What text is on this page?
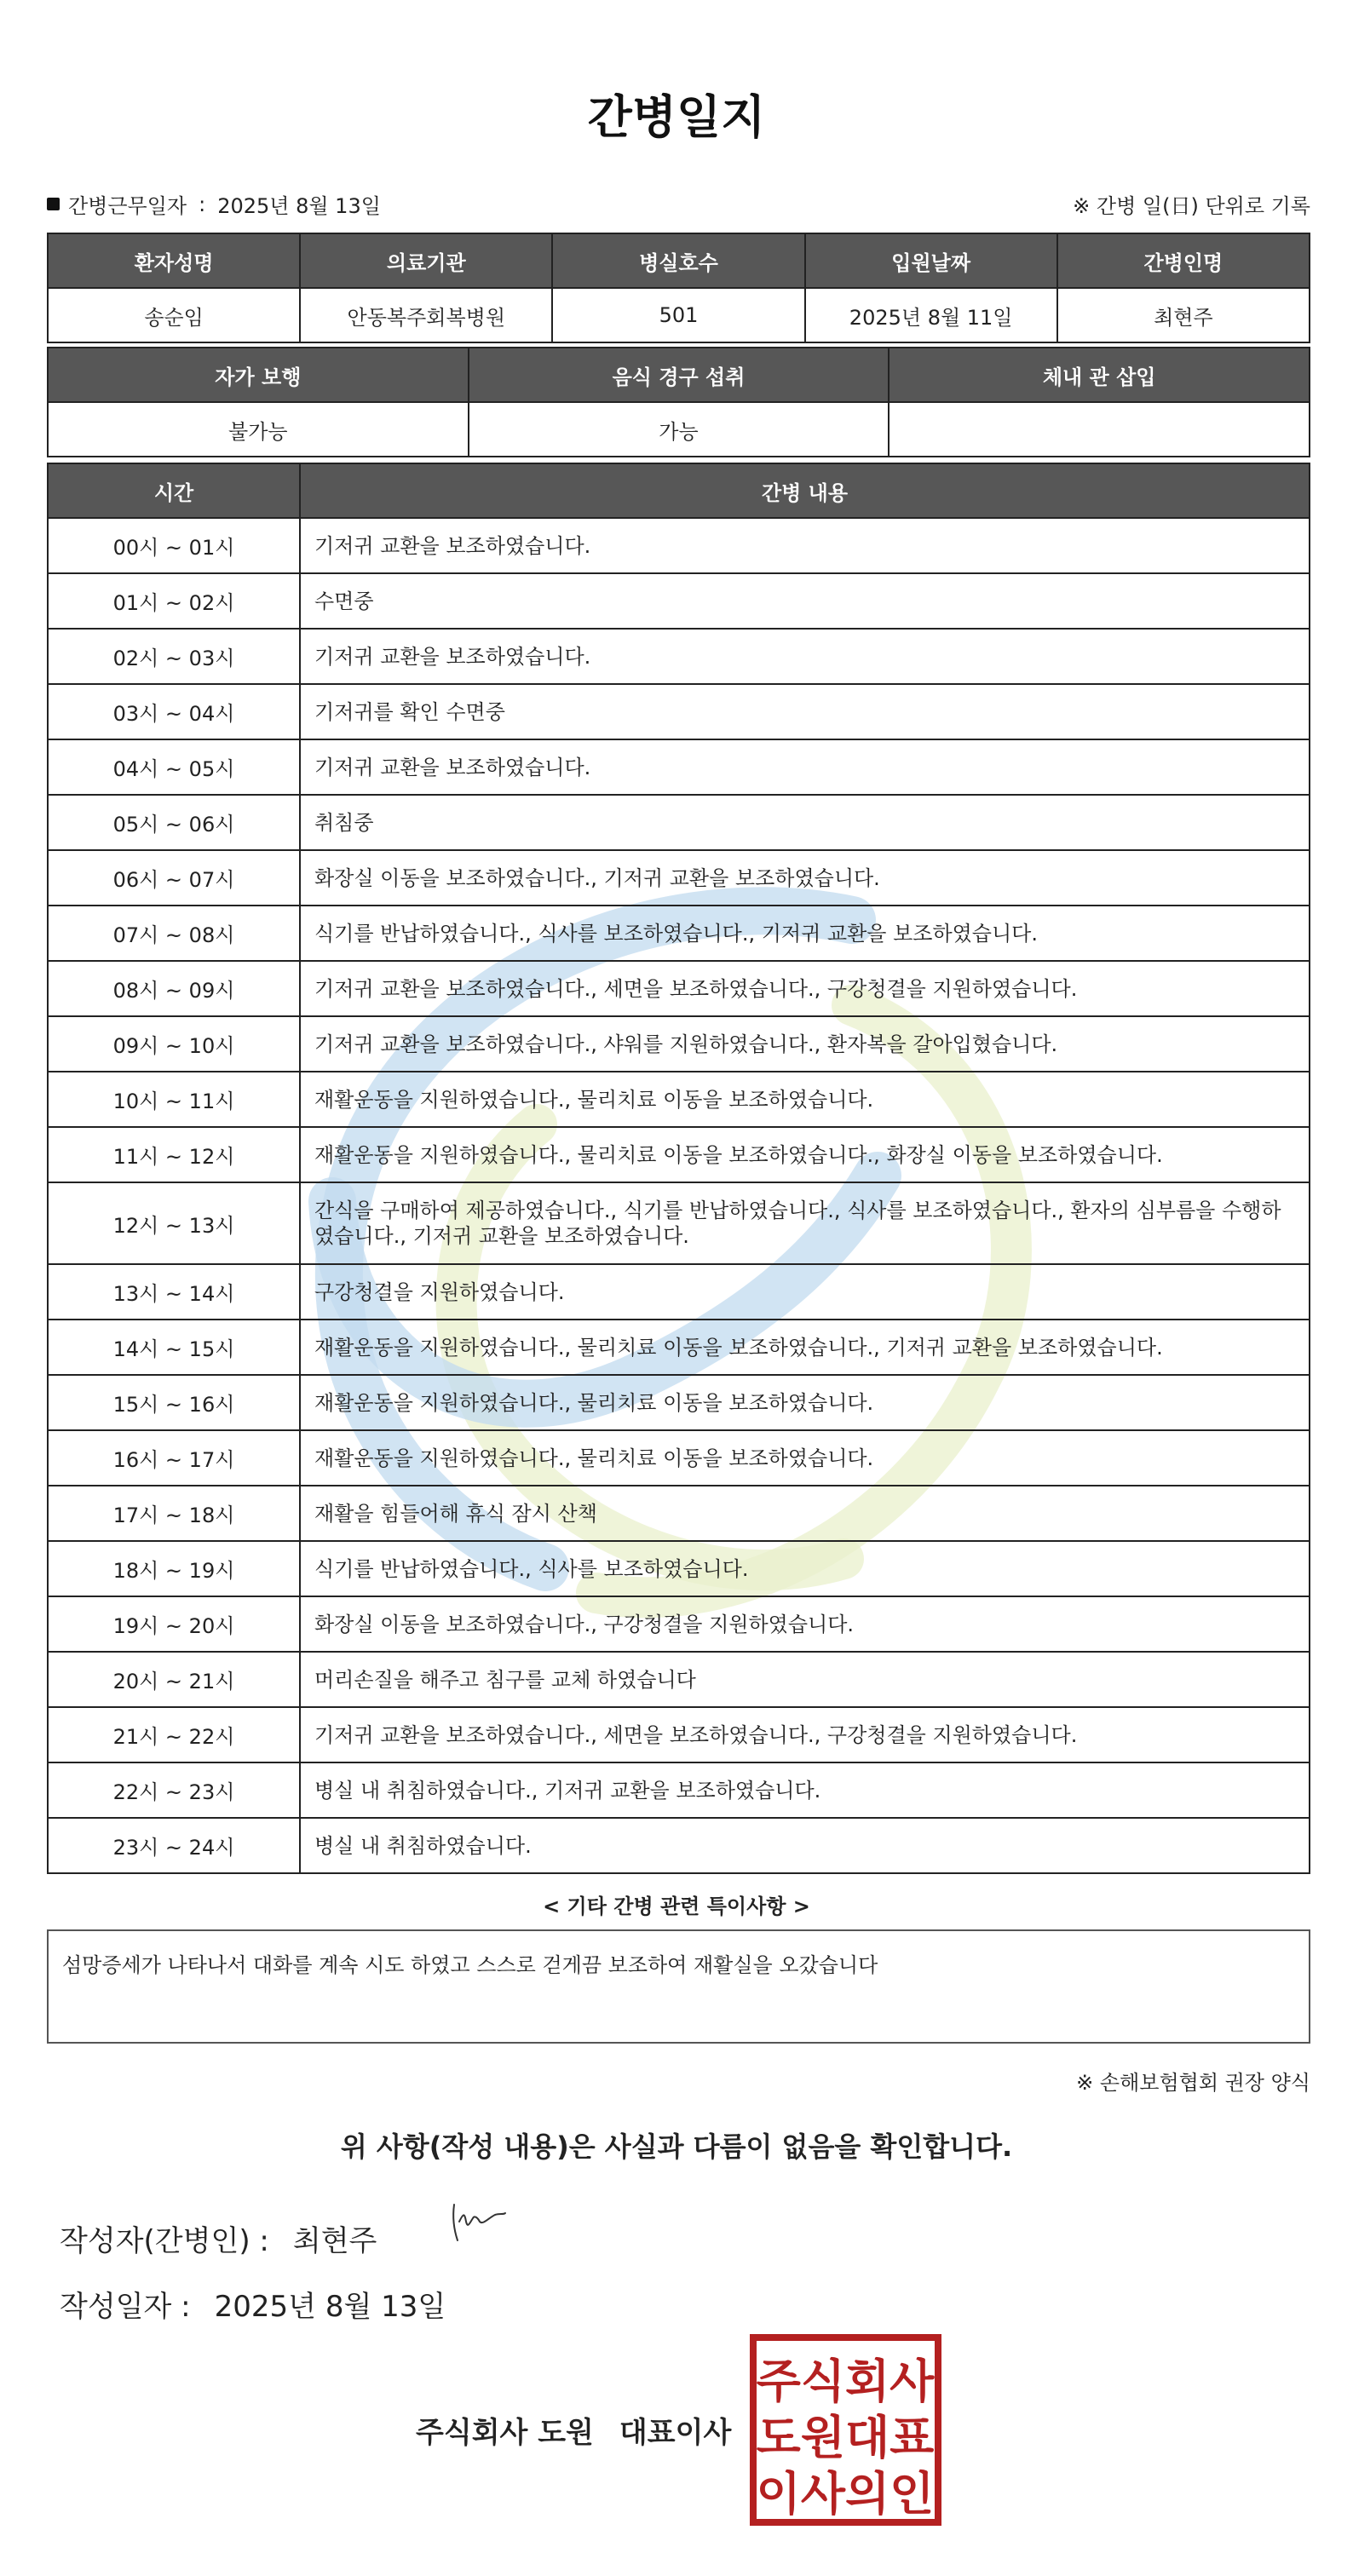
간병일지
간병근무일자 : 2025년 8월 13일	※ 간병 일(日) 단위로 기록
환자성명	의료기관	병실호수	입원날짜	간병인명
송순임	안동복주회복병원	501	2025년 8월 11일	최현주
자가 보행	음식 경구 섭취	체내 관 삽입
불가능	가능	
시간	간병 내용
00시 ~ 01시	기저귀 교환을 보조하였습니다.
01시 ~ 02시	수면중
02시 ~ 03시	기저귀 교환을 보조하였습니다.
03시 ~ 04시	기저귀를 확인 수면중
04시 ~ 05시	기저귀 교환을 보조하였습니다.
05시 ~ 06시	취침중
06시 ~ 07시	화장실 이동을 보조하였습니다., 기저귀 교환을 보조하였습니다.
07시 ~ 08시	식기를 반납하였습니다., 식사를 보조하였습니다., 기저귀 교환을 보조하였습니다.
08시 ~ 09시	기저귀 교환을 보조하였습니다., 세면을 보조하였습니다., 구강청결을 지원하였습니다.
09시 ~ 10시	기저귀 교환을 보조하였습니다., 샤워를 지원하였습니다., 환자복을 갈아입혔습니다.
10시 ~ 11시	재활운동을 지원하였습니다., 물리치료 이동을 보조하였습니다.
11시 ~ 12시	재활운동을 지원하였습니다., 물리치료 이동을 보조하였습니다., 화장실 이동을 보조하였습니다.
12시 ~ 13시	간식을 구매하여 제공하였습니다., 식기를 반납하였습니다., 식사를 보조하였습니다., 환자의 심부름을 수행하였습니다., 기저귀 교환을 보조하였습니다.
13시 ~ 14시	구강청결을 지원하였습니다.
14시 ~ 15시	재활운동을 지원하였습니다., 물리치료 이동을 보조하였습니다., 기저귀 교환을 보조하였습니다.
15시 ~ 16시	재활운동을 지원하였습니다., 물리치료 이동을 보조하였습니다.
16시 ~ 17시	재활운동을 지원하였습니다., 물리치료 이동을 보조하였습니다.
17시 ~ 18시	재활을 힘들어해 휴식 잠시 산책
18시 ~ 19시	식기를 반납하였습니다., 식사를 보조하였습니다.
19시 ~ 20시	화장실 이동을 보조하였습니다., 구강청결을 지원하였습니다.
20시 ~ 21시	머리손질을 해주고 침구를 교체 하였습니다
21시 ~ 22시	기저귀 교환을 보조하였습니다., 세면을 보조하였습니다., 구강청결을 지원하였습니다.
22시 ~ 23시	병실 내 취침하였습니다., 기저귀 교환을 보조하였습니다.
23시 ~ 24시	병실 내 취침하였습니다.
< 기타 간병 관련 특이사항 >
섬망증세가 나타나서 대화를 계속 시도 하였고 스스로 걷게끔 보조하여 재활실을 오갔습니다
※ 손해보험협회 권장 양식
위 사항(작성 내용)은 사실과 다름이 없음을 확인합니다.
작성자(간병인) : 최현주
작성일자 : 2025년 8월 13일
주식회사 도원 대표이사
주식회사
도원대표
이사의인
